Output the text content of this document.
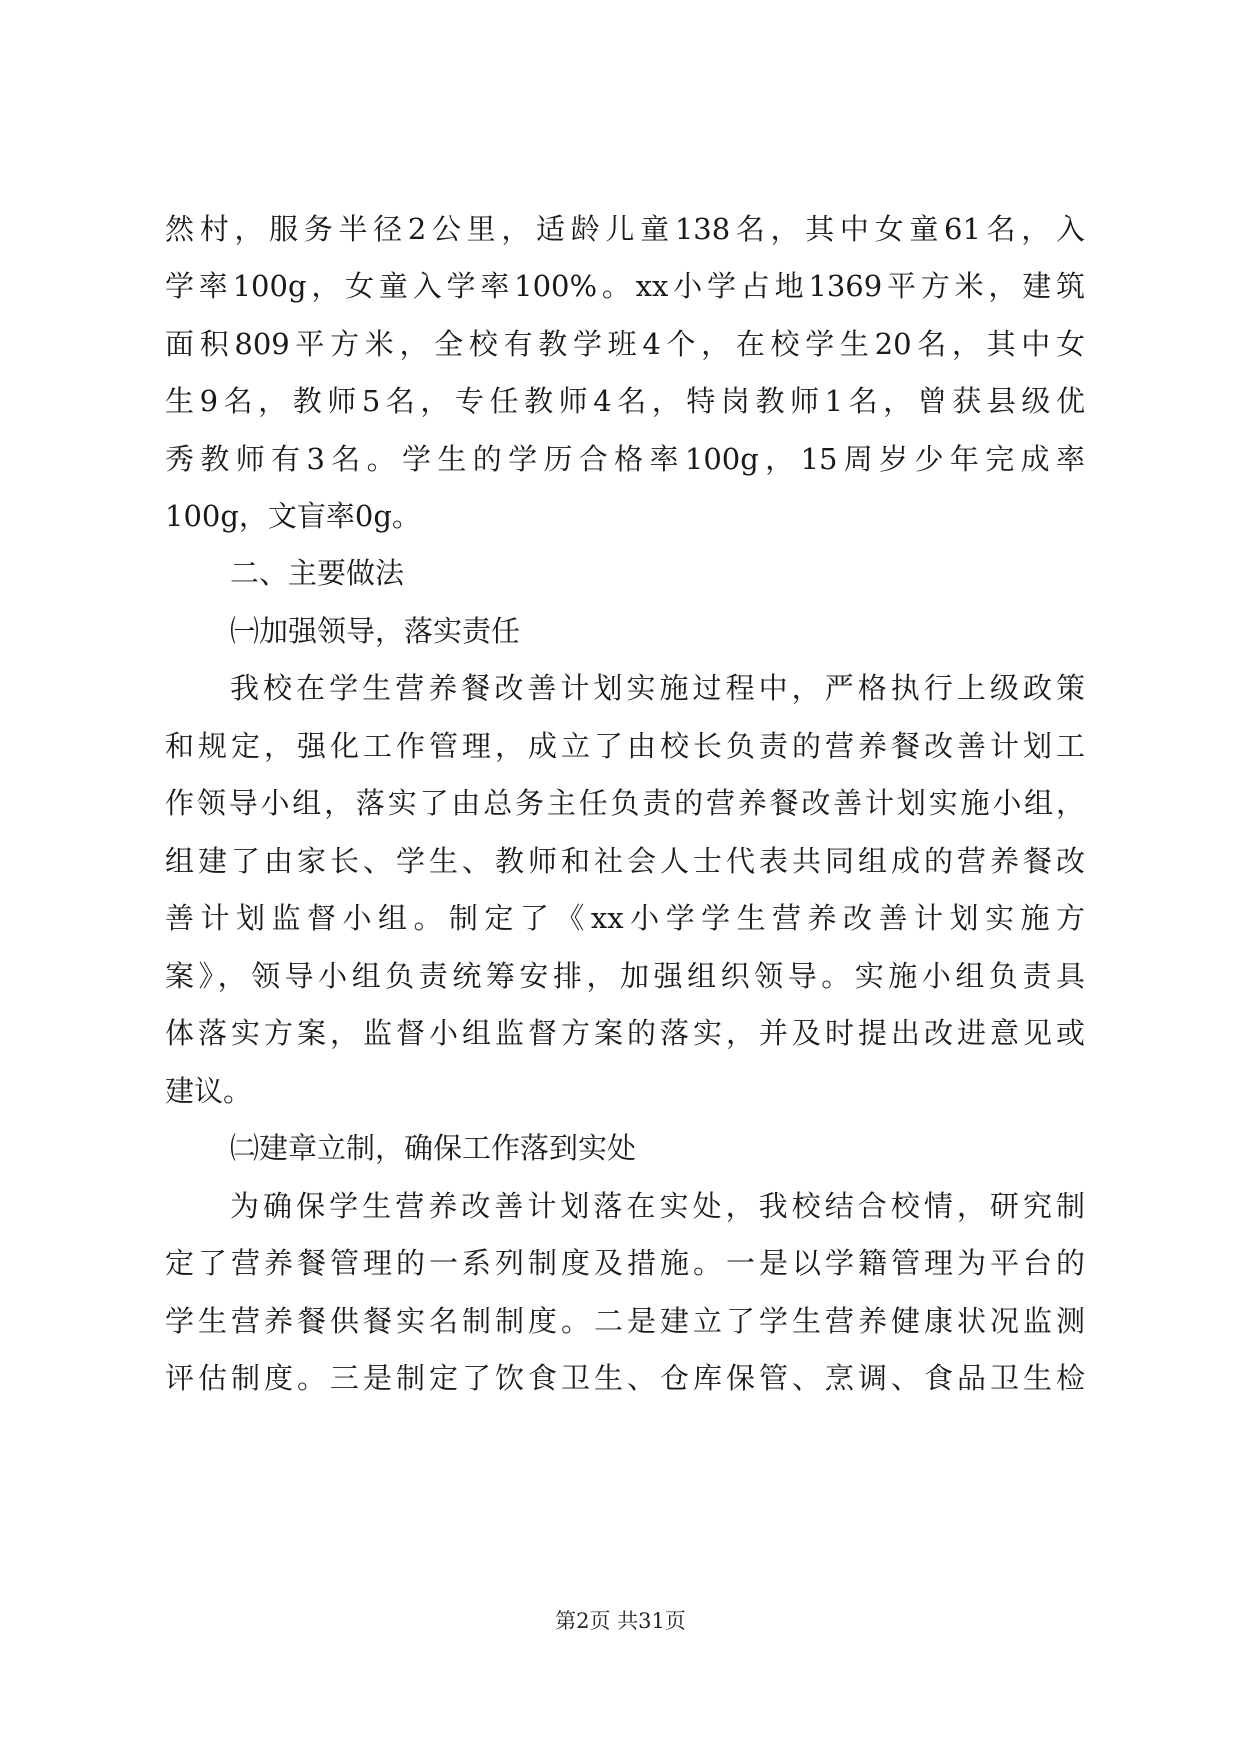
然村，服务半径2公里，适龄儿童138名，其中女童61名，入
学率100g，女童入学率100%。xx小学占地1369平方米，建筑
面积809平方米，全校有教学班4个，在校学生20名，其中女
生9名，教师5名，专任教师4名，特岗教师1名，曾获县级优
秀教师有3名。学生的学历合格率100g，15周岁少年完成率
100g，文盲率0g。
二、主要做法
㈠加强领导，落实责任
我校在学生营养餐改善计划实施过程中，严格执行上级政策
和规定，强化工作管理，成立了由校长负责的营养餐改善计划工
作领导小组，落实了由总务主任负责的营养餐改善计划实施小组，
组建了由家长、学生、教师和社会人士代表共同组成的营养餐改
善计划监督小组。制定了《xx小学学生营养改善计划实施方
案》，领导小组负责统筹安排，加强组织领导。实施小组负责具
体落实方案，监督小组监督方案的落实，并及时提出改进意见或
建议。
㈡建章立制，确保工作落到实处
为确保学生营养改善计划落在实处，我校结合校情，研究制
定了营养餐管理的一系列制度及措施。一是以学籍管理为平台的
学生营养餐供餐实名制制度。二是建立了学生营养健康状况监测
评估制度。三是制定了饮食卫生、仓库保管、烹调、食品卫生检
第2页 共31页
